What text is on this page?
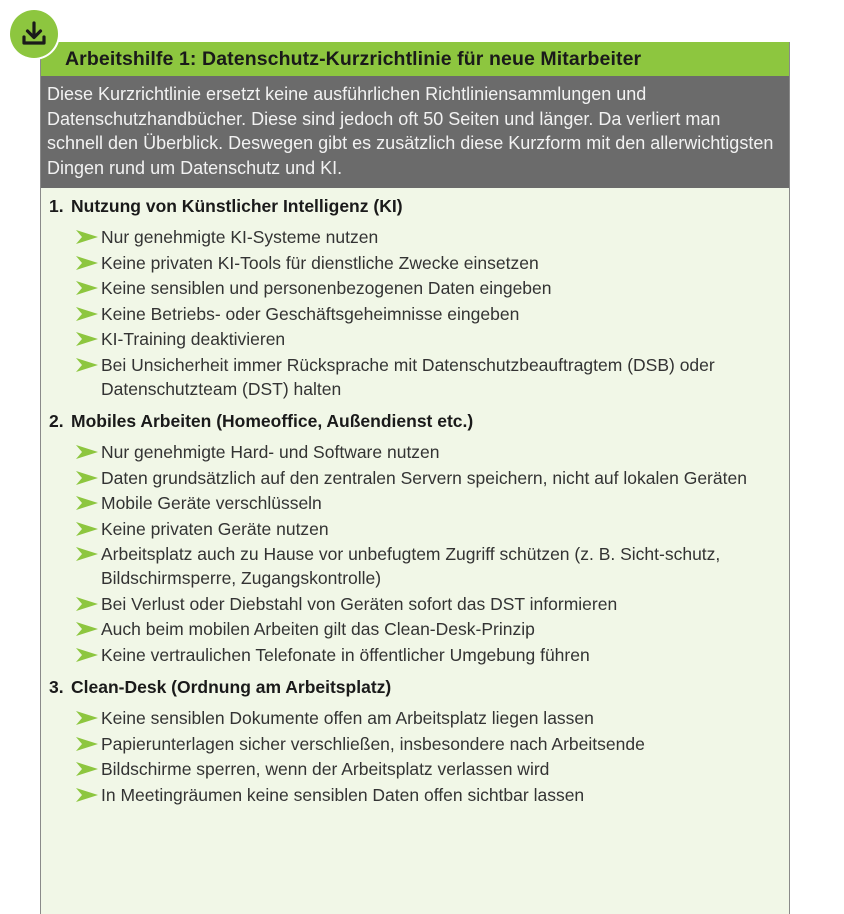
Arbeitshilfe 1: Datenschutz-Kurzrichtlinie für neue Mitarbeiter
Diese Kurzrichtlinie ersetzt keine ausführlichen Richtliniensammlungen und Datenschutzhandbücher. Diese sind jedoch oft 50 Seiten und länger. Da verliert man schnell den Überblick. Deswegen gibt es zusätzlich diese Kurzform mit den allerwichtigsten Dingen rund um Datenschutz und KI.
1. Nutzung von Künstlicher Intelligenz (KI)
Nur genehmigte KI-Systeme nutzen
Keine privaten KI-Tools für dienstliche Zwecke einsetzen
Keine sensiblen und personenbezogenen Daten eingeben
Keine Betriebs- oder Geschäftsgeheimnisse eingeben
KI-Training deaktivieren
Bei Unsicherheit immer Rücksprache mit Datenschutzbeauftragtem (DSB) oder Datenschutzteam (DST) halten
2. Mobiles Arbeiten (Homeoffice, Außendienst etc.)
Nur genehmigte Hard- und Software nutzen
Daten grundsätzlich auf den zentralen Servern speichern, nicht auf lokalen Geräten
Mobile Geräte verschlüsseln
Keine privaten Geräte nutzen
Arbeitsplatz auch zu Hause vor unbefugtem Zugriff schützen (z. B. Sicht-schutz, Bildschirmsperre, Zugangskontrolle)
Bei Verlust oder Diebstahl von Geräten sofort das DST informieren
Auch beim mobilen Arbeiten gilt das Clean-Desk-Prinzip
Keine vertraulichen Telefonate in öffentlicher Umgebung führen
3. Clean-Desk (Ordnung am Arbeitsplatz)
Keine sensiblen Dokumente offen am Arbeitsplatz liegen lassen
Papierunterlagen sicher verschließen, insbesondere nach Arbeitsende
Bildschirme sperren, wenn der Arbeitsplatz verlassen wird
In Meetingräumen keine sensiblen Daten offen sichtbar lassen
